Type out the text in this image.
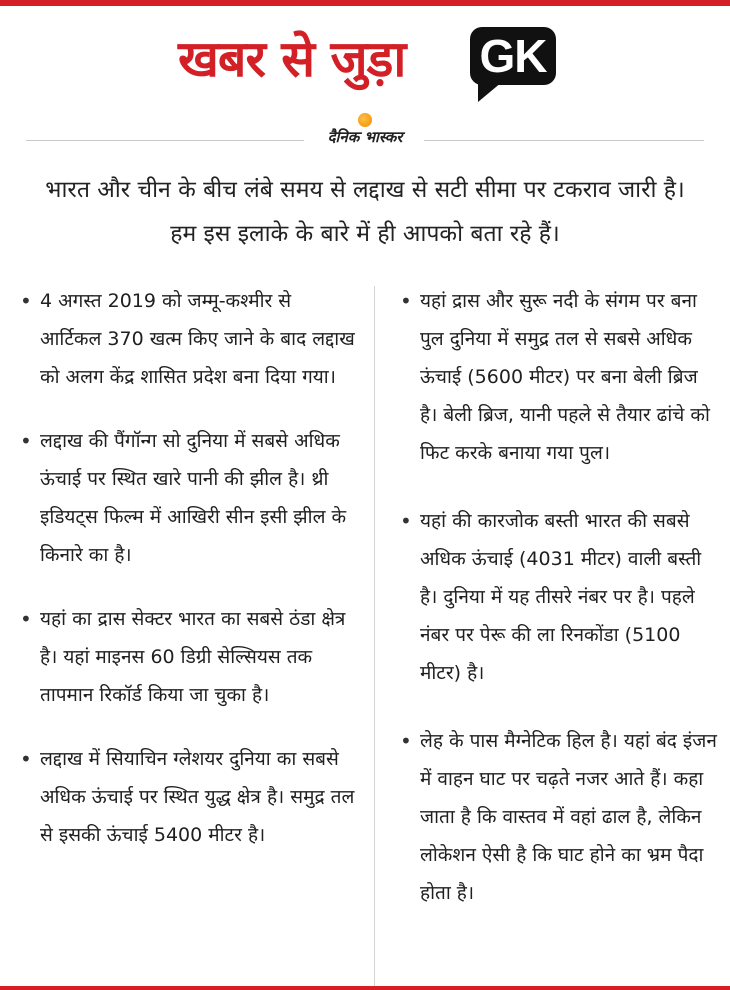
खबर से जुड़ा GK
दैनिक भास्कर
भारत और चीन के बीच लंबे समय से लद्दाख से सटी सीमा पर टकराव जारी है। हम इस इलाके के बारे में ही आपको बता रहे हैं।
• 4 अगस्त 2019 को जम्मू-कश्मीर से आर्टिकल 370 खत्म किए जाने के बाद लद्दाख को अलग केंद्र शासित प्रदेश बना दिया गया।
• लद्दाख की पैंगॉन्ग सो दुनिया में सबसे अधिक ऊंचाई पर स्थित खारे पानी की झील है। थ्री इडियट्स फिल्म में आखिरी सीन इसी झील के किनारे का है।
• यहां का द्रास सेक्टर भारत का सबसे ठंडा क्षेत्र है। यहां माइनस 60 डिग्री सेल्सियस तक तापमान रिकॉर्ड किया जा चुका है।
• लद्दाख में सियाचिन ग्लेशयर दुनिया का सबसे अधिक ऊंचाई पर स्थित युद्ध क्षेत्र है। समुद्र तल से इसकी ऊंचाई 5400 मीटर है।
• यहां द्रास और सुरू नदी के संगम पर बना पुल दुनिया में समुद्र तल से सबसे अधिक ऊंचाई (5600 मीटर) पर बना बेली ब्रिज है। बेली ब्रिज, यानी पहले से तैयार ढांचे को फिट करके बनाया गया पुल।
• यहां की कारजोक बस्ती भारत की सबसे अधिक ऊंचाई (4031 मीटर) वाली बस्ती है। दुनिया में यह तीसरे नंबर पर है। पहले नंबर पर पेरू की ला रिनकोंडा (5100 मीटर) है।
• लेह के पास मैग्नेटिक हिल है। यहां बंद इंजन में वाहन घाट पर चढ़ते नजर आते हैं। कहा जाता है कि वास्तव में वहां ढाल है, लेकिन लोकेशन ऐसी है कि घाट होने का भ्रम पैदा होता है।
